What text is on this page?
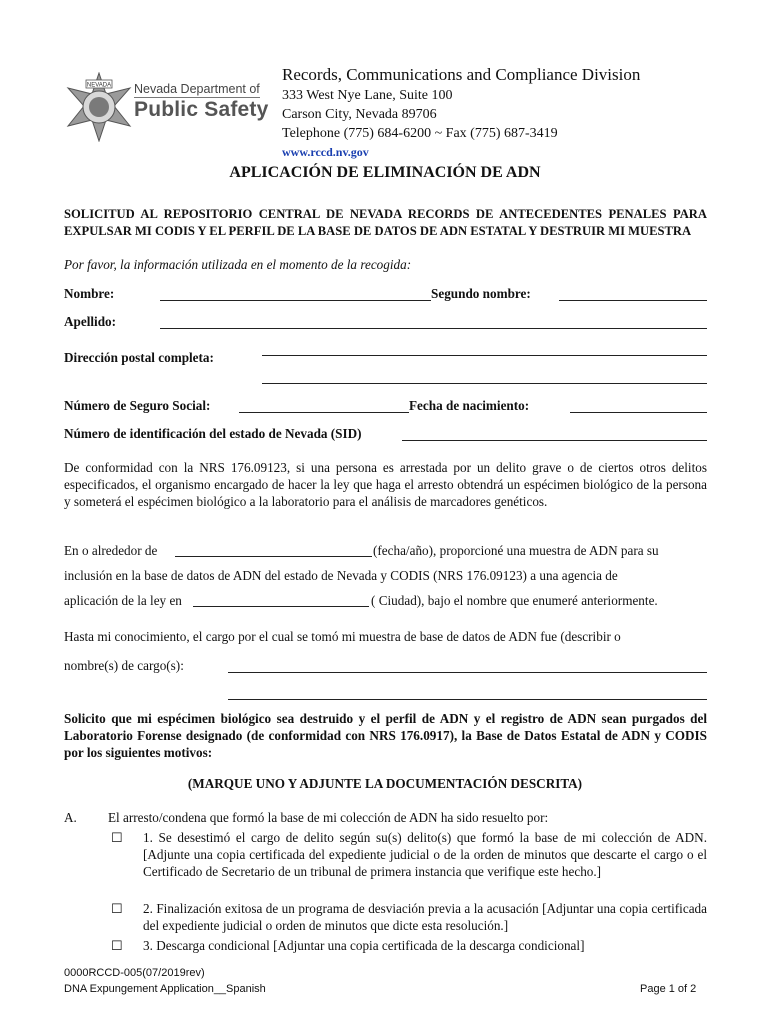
NEVADA Nevada Department of
Public Safety
Records, Communications and Compliance Division
333 West Nye Lane, Suite 100
Carson City, Nevada 89706
Telephone (775) 684-6200 ~ Fax (775) 687-3419
www.rccd.nv.gov
APLICACIÓN DE ELIMINACIÓN DE ADN
SOLICITUD AL REPOSITORIO CENTRAL DE NEVADA RECORDS DE ANTECEDENTES PENALES PARA EXPULSAR MI CODIS Y EL PERFIL DE LA BASE DE DATOS DE ADN ESTATAL Y DESTRUIR MI MUESTRA
Por favor, la información utilizada en el momento de la recogida:
Nombre:	Segundo nombre:
Apellido:
Dirección postal completa:
Número de Seguro Social:	Fecha de nacimiento:
Número de identificación del estado de Nevada (SID)
De conformidad con la NRS 176.09123, si una persona es arrestada por un delito grave o de ciertos otros delitos especificados, el organismo encargado de hacer la ley que haga el arresto obtendrá un espécimen biológico de la persona y someterá el espécimen biológico a la laboratorio para el análisis de marcadores genéticos.
En o alrededor de	(fecha/año), proporcioné una muestra de ADN para su
inclusión en la base de datos de ADN del estado de Nevada y CODIS (NRS 176.09123) a una agencia de
aplicación de la ley en	( Ciudad), bajo el nombre que enumeré anteriormente.
Hasta mi conocimiento, el cargo por el cual se tomó mi muestra de base de datos de ADN fue (describir o
nombre(s) de cargo(s):
Solicito que mi espécimen biológico sea destruido y el perfil de ADN y el registro de ADN sean purgados del Laboratorio Forense designado (de conformidad con NRS 176.0917), la Base de Datos Estatal de ADN y CODIS por los siguientes motivos:
(MARQUE UNO Y ADJUNTE LA DOCUMENTACIÓN DESCRITA)
A. El arresto/condena que formó la base de mi colección de ADN ha sido resuelto por:
☐ 1. Se desestimó el cargo de delito según su(s) delito(s) que formó la base de mi colección de ADN. [Adjunte una copia certificada del expediente judicial o de la orden de minutos que descarte el cargo o el Certificado de Secretario de un tribunal de primera instancia que verifique este hecho.]
☐ 2. Finalización exitosa de un programa de desviación previa a la acusación [Adjuntar una copia certificada del expediente judicial o orden de minutos que dicte esta resolución.]
☐ 3. Descarga condicional [Adjuntar una copia certificada de la descarga condicional]
0000RCCD-005(07/2019rev)
DNA Expungement Application__Spanish	Page 1 of 2
